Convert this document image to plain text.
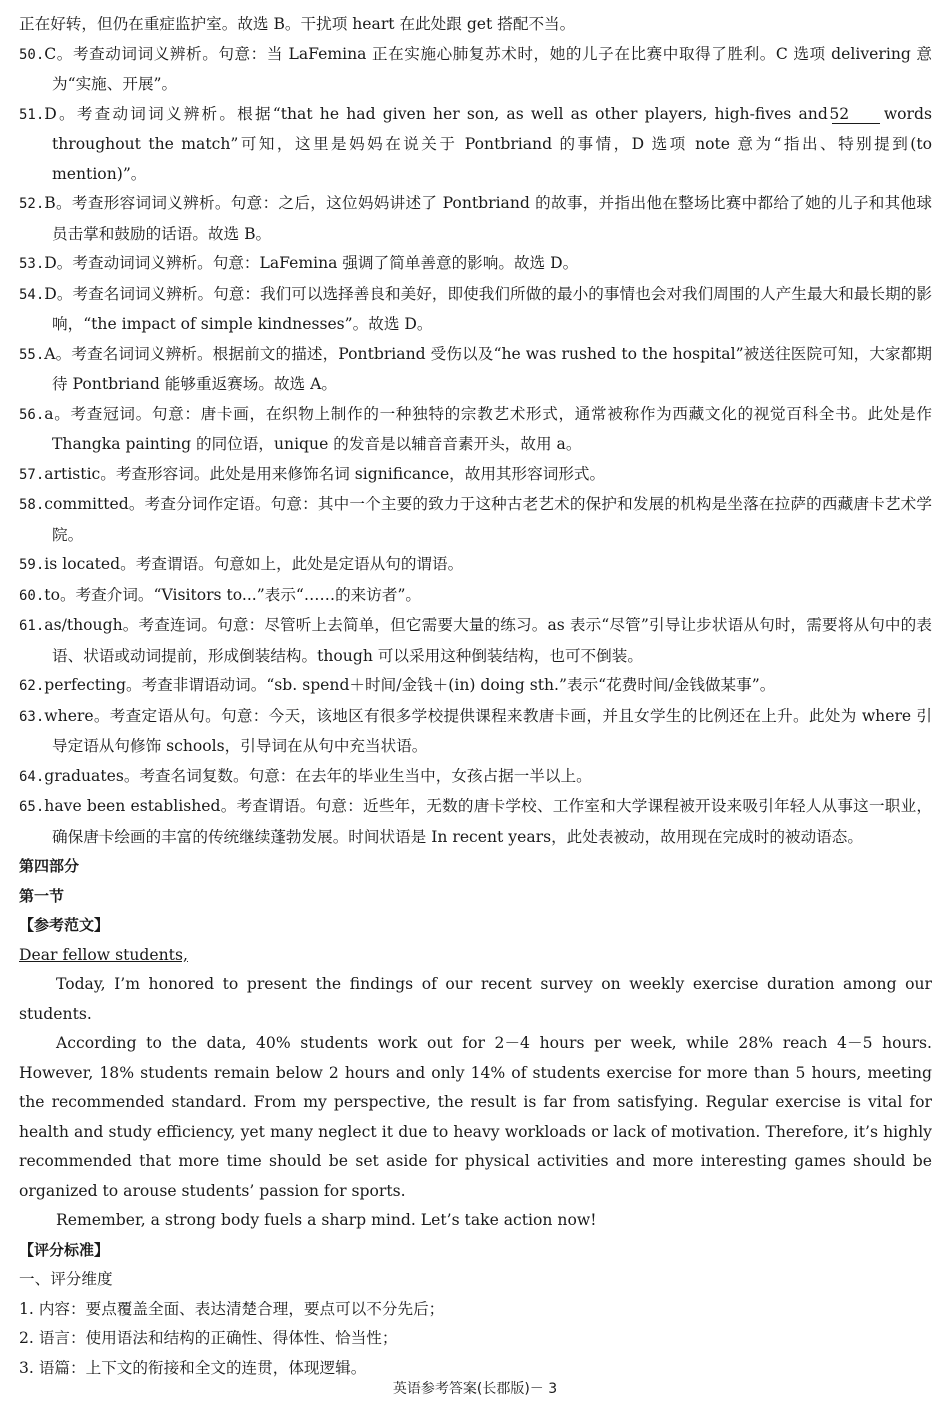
正在好转，但仍在重症监护室。故选 B。干扰项 heart 在此处跟 get 搭配不当。
50.C。考查动词词义辨析。句意：当 LaFemina 正在实施心肺复苏术时，她的儿子在比赛中取得了胜利。C 选项 delivering 意为“实施、开展”。
51.D。考查动词词义辨析。根据“that he had given her son, as well as other players, high-fives and 52 words throughout the match”可知，这里是妈妈在说关于 Pontbriand 的事情，D 选项 note 意为“指出、特别提到(to mention)”。
52.B。考查形容词词义辨析。句意：之后，这位妈妈讲述了 Pontbriand 的故事，并指出他在整场比赛中都给了她的儿子和其他球员击掌和鼓励的话语。故选 B。
53.D。考查动词词义辨析。句意：LaFemina 强调了简单善意的影响。故选 D。
54.D。考查名词词义辨析。句意：我们可以选择善良和美好，即使我们所做的最小的事情也会对我们周围的人产生最大和最长期的影响，“the impact of simple kindnesses”。故选 D。
55.A。考查名词词义辨析。根据前文的描述，Pontbriand 受伤以及“he was rushed to the hospital”被送往医院可知，大家都期待 Pontbriand 能够重返赛场。故选 A。
56.a。考查冠词。句意：唐卡画，在织物上制作的一种独特的宗教艺术形式，通常被称作为西藏文化的视觉百科全书。此处是作 Thangka painting 的同位语，unique 的发音是以辅音音素开头，故用 a。
57.artistic。考查形容词。此处是用来修饰名词 significance，故用其形容词形式。
58.committed。考查分词作定语。句意：其中一个主要的致力于这种古老艺术的保护和发展的机构是坐落在拉萨的西藏唐卡艺术学院。
59.is located。考查谓语。句意如上，此处是定语从句的谓语。
60.to。考查介词。“Visitors to...”表示“……的来访者”。
61.as/though。考查连词。句意：尽管听上去简单，但它需要大量的练习。as 表示“尽管”引导让步状语从句时，需要将从句中的表语、状语或动词提前，形成倒装结构。though 可以采用这种倒装结构，也可不倒装。
62.perfecting。考查非谓语动词。“sb. spend＋时间/金钱＋(in) doing sth.”表示“花费时间/金钱做某事”。
63.where。考查定语从句。句意：今天，该地区有很多学校提供课程来教唐卡画，并且女学生的比例还在上升。此处为 where 引导定语从句修饰 schools，引导词在从句中充当状语。
64.graduates。考查名词复数。句意：在去年的毕业生当中，女孩占据一半以上。
65.have been established。考查谓语。句意：近些年，无数的唐卡学校、工作室和大学课程被开设来吸引年轻人从事这一职业，确保唐卡绘画的丰富的传统继续蓬勃发展。时间状语是 In recent years，此处表被动，故用现在完成时的被动语态。
第四部分
第一节
【参考范文】
Dear fellow students,
Today, I’m honored to present the findings of our recent survey on weekly exercise duration among our students.
According to the data, 40% students work out for 2－4 hours per week, while 28% reach 4－5 hours. However, 18% students remain below 2 hours and only 14% of students exercise for more than 5 hours, meeting the recommended standard. From my perspective, the result is far from satisfying. Regular exercise is vital for health and study efficiency, yet many neglect it due to heavy workloads or lack of motivation. Therefore, it’s highly recommended that more time should be set aside for physical activities and more interesting games should be organized to arouse students’ passion for sports.
Remember, a strong body fuels a sharp mind. Let’s take action now!
【评分标准】
一、评分维度
1. 内容：要点覆盖全面、表达清楚合理，要点可以不分先后；
2. 语言：使用语法和结构的正确性、得体性、恰当性；
3. 语篇：上下文的衔接和全文的连贯，体现逻辑。
英语参考答案(长郡版)－ 3
